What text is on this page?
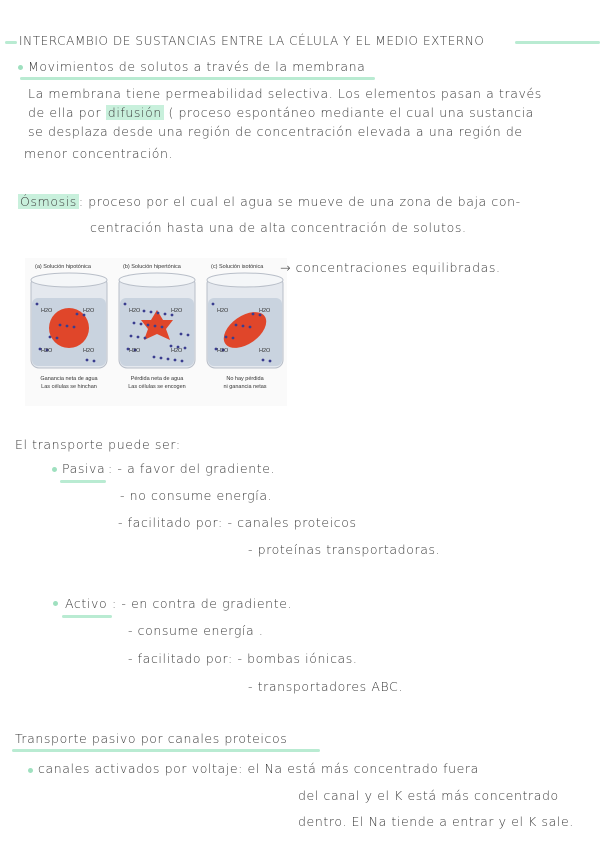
INTERCAMBIO DE SUSTANCIAS ENTRE LA CÉLULA Y EL MEDIO EXTERNO
Movimientos de solutos a través de la membrana
La membrana tiene permeabilidad selectiva. Los elementos pasan a través
de ella por difusión ( proceso espontáneo mediante el cual una sustancia
se desplaza desde una región de concentración elevada a una región de
menor concentración.
Ósmosis : proceso por el cual el agua se mueve de una zona de baja con-
centración hasta una de alta concentración de solutos.
(a) Solución hipotónica
H2O	H2O
H2O	H2O
Ganancia neta de agua
Las células se hinchan
(b) Solución hipertónica
H2O	H2O
H2O	H2O
Pérdida neta de agua
Las células se encogen
(c) Solución isotónica
H2O	H2O
H2O	H2O
No hay pérdida
ni ganancia netas
→ concentraciones equilibradas.
El transporte puede ser:
Pasiva : - a favor del gradiente.
- no consume energía.
- facilitado por: - canales proteicos
- proteínas transportadoras.
Activo : - en contra de gradiente.
- consume energía .
- facilitado por: - bombas iónicas.
- transportadores ABC.
Transporte pasivo por canales proteicos
canales activados por voltaje: el Na está más concentrado fuera
del canal y el K está más concentrado
dentro. El Na tiende a entrar y el K sale.
